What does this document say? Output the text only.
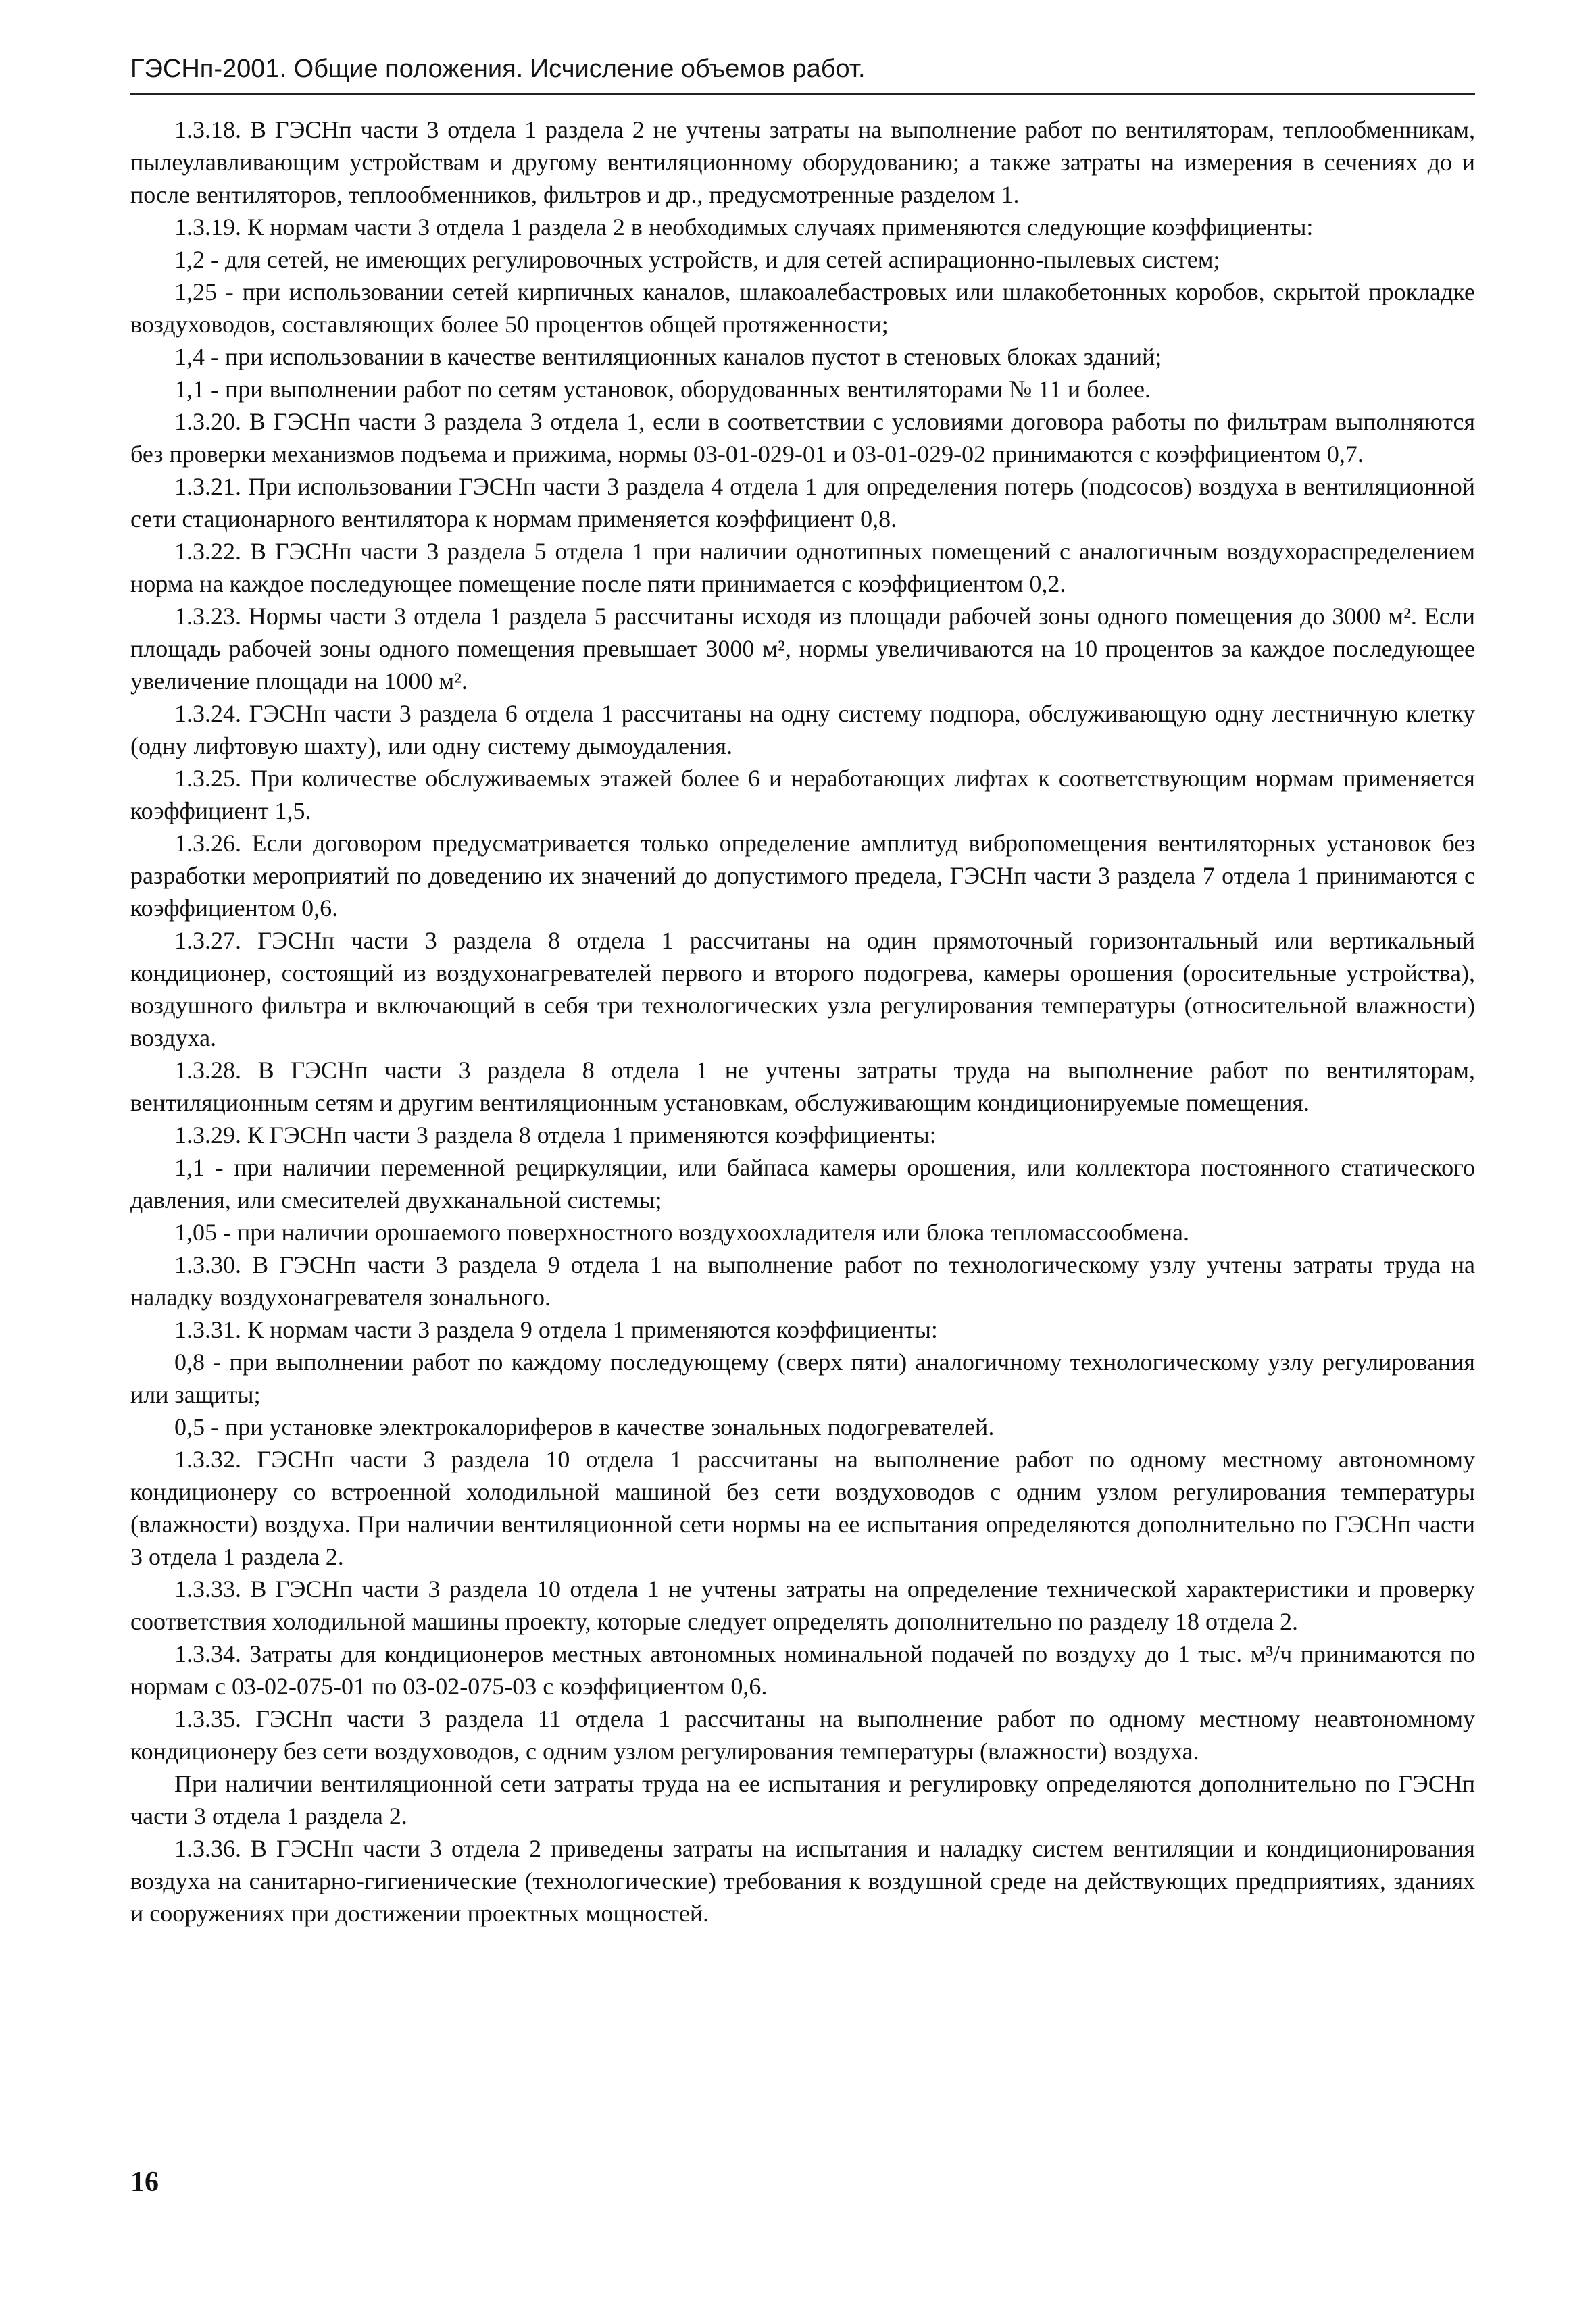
ГЭСНп-2001. Общие положения. Исчисление объемов работ.

1.3.18. В ГЭСНп части 3 отдела 1 раздела 2 не учтены затраты на выполнение работ по вентиляторам, теплообменникам, пылеулавливающим устройствам и другому вентиляционному оборудованию; а также затраты на измерения в сечениях до и после вентиляторов, теплообменников, фильтров и др., предусмотренные разделом 1.

1.3.19. К нормам части 3 отдела 1 раздела 2 в необходимых случаях применяются следующие коэффициенты:

1,2 - для сетей, не имеющих регулировочных устройств, и для сетей аспирационно-пылевых систем;

1,25 - при использовании сетей кирпичных каналов, шлакоалебастровых или шлакобетонных коробов, скрытой прокладке воздуховодов, составляющих более 50 процентов общей протяженности;

1,4 - при использовании в качестве вентиляционных каналов пустот в стеновых блоках зданий;

1,1 - при выполнении работ по сетям установок, оборудованных вентиляторами № 11 и более.

1.3.20. В ГЭСНп части 3 раздела 3 отдела 1, если в соответствии с условиями договора работы по фильтрам выполняются без проверки механизмов подъема и прижима, нормы 03-01-029-01 и 03-01-029-02 принимаются с коэффициентом 0,7.

1.3.21. При использовании ГЭСНп части 3 раздела 4 отдела 1 для определения потерь (подсосов) воздуха в вентиляционной сети стационарного вентилятора к нормам применяется коэффициент 0,8.

1.3.22. В ГЭСНп части 3 раздела 5 отдела 1 при наличии однотипных помещений с аналогичным воздухораспределением норма на каждое последующее помещение после пяти принимается с коэффициентом 0,2.

1.3.23. Нормы части 3 отдела 1 раздела 5 рассчитаны исходя из площади рабочей зоны одного помещения до 3000 м². Если площадь рабочей зоны одного помещения превышает 3000 м², нормы увеличиваются на 10 процентов за каждое последующее увеличение площади на 1000 м².

1.3.24. ГЭСНп части 3 раздела 6 отдела 1 рассчитаны на одну систему подпора, обслуживающую одну лестничную клетку (одну лифтовую шахту), или одну систему дымоудаления.

1.3.25. При количестве обслуживаемых этажей более 6 и неработающих лифтах к соответствующим нормам применяется коэффициент 1,5.

1.3.26. Если договором предусматривается только определение амплитуд вибропомещения вентиляторных установок без разработки мероприятий по доведению их значений до допустимого предела, ГЭСНп части 3 раздела 7 отдела 1 принимаются с коэффициентом 0,6.

1.3.27. ГЭСНп части 3 раздела 8 отдела 1 рассчитаны на один прямоточный горизонтальный или вертикальный кондиционер, состоящий из воздухонагревателей первого и второго подогрева, камеры орошения (оросительные устройства), воздушного фильтра и включающий в себя три технологических узла регулирования температуры (относительной влажности) воздуха.

1.3.28. В ГЭСНп части 3 раздела 8 отдела 1 не учтены затраты труда на выполнение работ по вентиляторам, вентиляционным сетям и другим вентиляционным установкам, обслуживающим кондиционируемые помещения.

1.3.29. К ГЭСНп части 3 раздела 8 отдела 1 применяются коэффициенты:

1,1 - при наличии переменной рециркуляции, или байпаса камеры орошения, или коллектора постоянного статического давления, или смесителей двухканальной системы;

1,05 - при наличии орошаемого поверхностного воздухоохладителя или блока тепломассообмена.

1.3.30. В ГЭСНп части 3 раздела 9 отдела 1 на выполнение работ по технологическому узлу учтены затраты труда на наладку воздухонагревателя зонального.

1.3.31. К нормам части 3 раздела 9 отдела 1 применяются коэффициенты:

0,8 - при выполнении работ по каждому последующему (сверх пяти) аналогичному технологическому узлу регулирования или защиты;

0,5 - при установке электрокалориферов в качестве зональных подогревателей.

1.3.32. ГЭСНп части 3 раздела 10 отдела 1 рассчитаны на выполнение работ по одному местному автономному кондиционеру со встроенной холодильной машиной без сети воздуховодов с одним узлом регулирования температуры (влажности) воздуха. При наличии вентиляционной сети нормы на ее испытания определяются дополнительно по ГЭСНп части 3 отдела 1 раздела 2.

1.3.33. В ГЭСНп части 3 раздела 10 отдела 1 не учтены затраты на определение технической характеристики и проверку соответствия холодильной машины проекту, которые следует определять дополнительно по разделу 18 отдела 2.

1.3.34. Затраты для кондиционеров местных автономных номинальной подачей по воздуху до 1 тыс. м³/ч принимаются по нормам с 03-02-075-01 по 03-02-075-03 с коэффициентом 0,6.

1.3.35. ГЭСНп части 3 раздела 11 отдела 1 рассчитаны на выполнение работ по одному местному неавтономному кондиционеру без сети воздуховодов, с одним узлом регулирования температуры (влажности) воздуха.

При наличии вентиляционной сети затраты труда на ее испытания и регулировку определяются дополнительно по ГЭСНп части 3 отдела 1 раздела 2.

1.3.36. В ГЭСНп части 3 отдела 2 приведены затраты на испытания и наладку систем вентиляции и кондиционирования воздуха на санитарно-гигиенические (технологические) требования к воздушной среде на действующих предприятиях, зданиях и сооружениях при достижении проектных мощностей.

16
